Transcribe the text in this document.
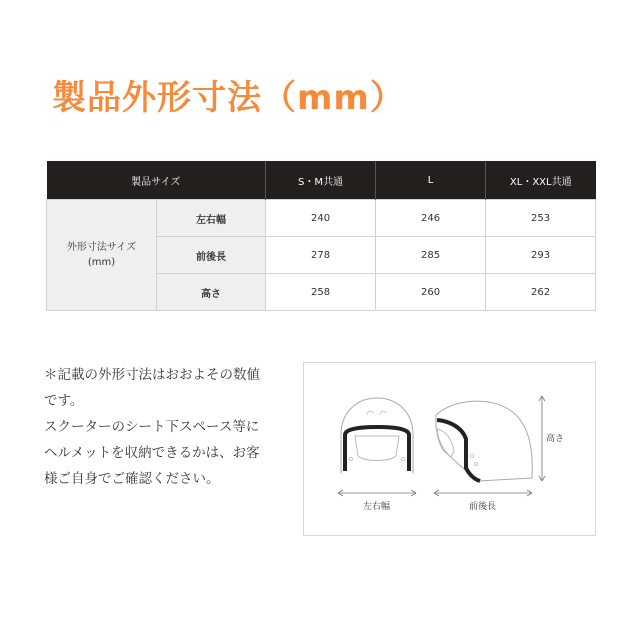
製品外形寸法（mm）
製品サイズ		S・M共通	L	XL・XXL共通
外形寸法サイズ
(mm)	左右幅	240	246	253
	前後長	278	285	293
	高さ	258	260	262
＊記載の外形寸法はおおよその数値
です。
スクーターのシート下スペース等に
ヘルメットを収納できるかは、お客
様ご自身でご確認ください。
左右幅	前後長
高さ
